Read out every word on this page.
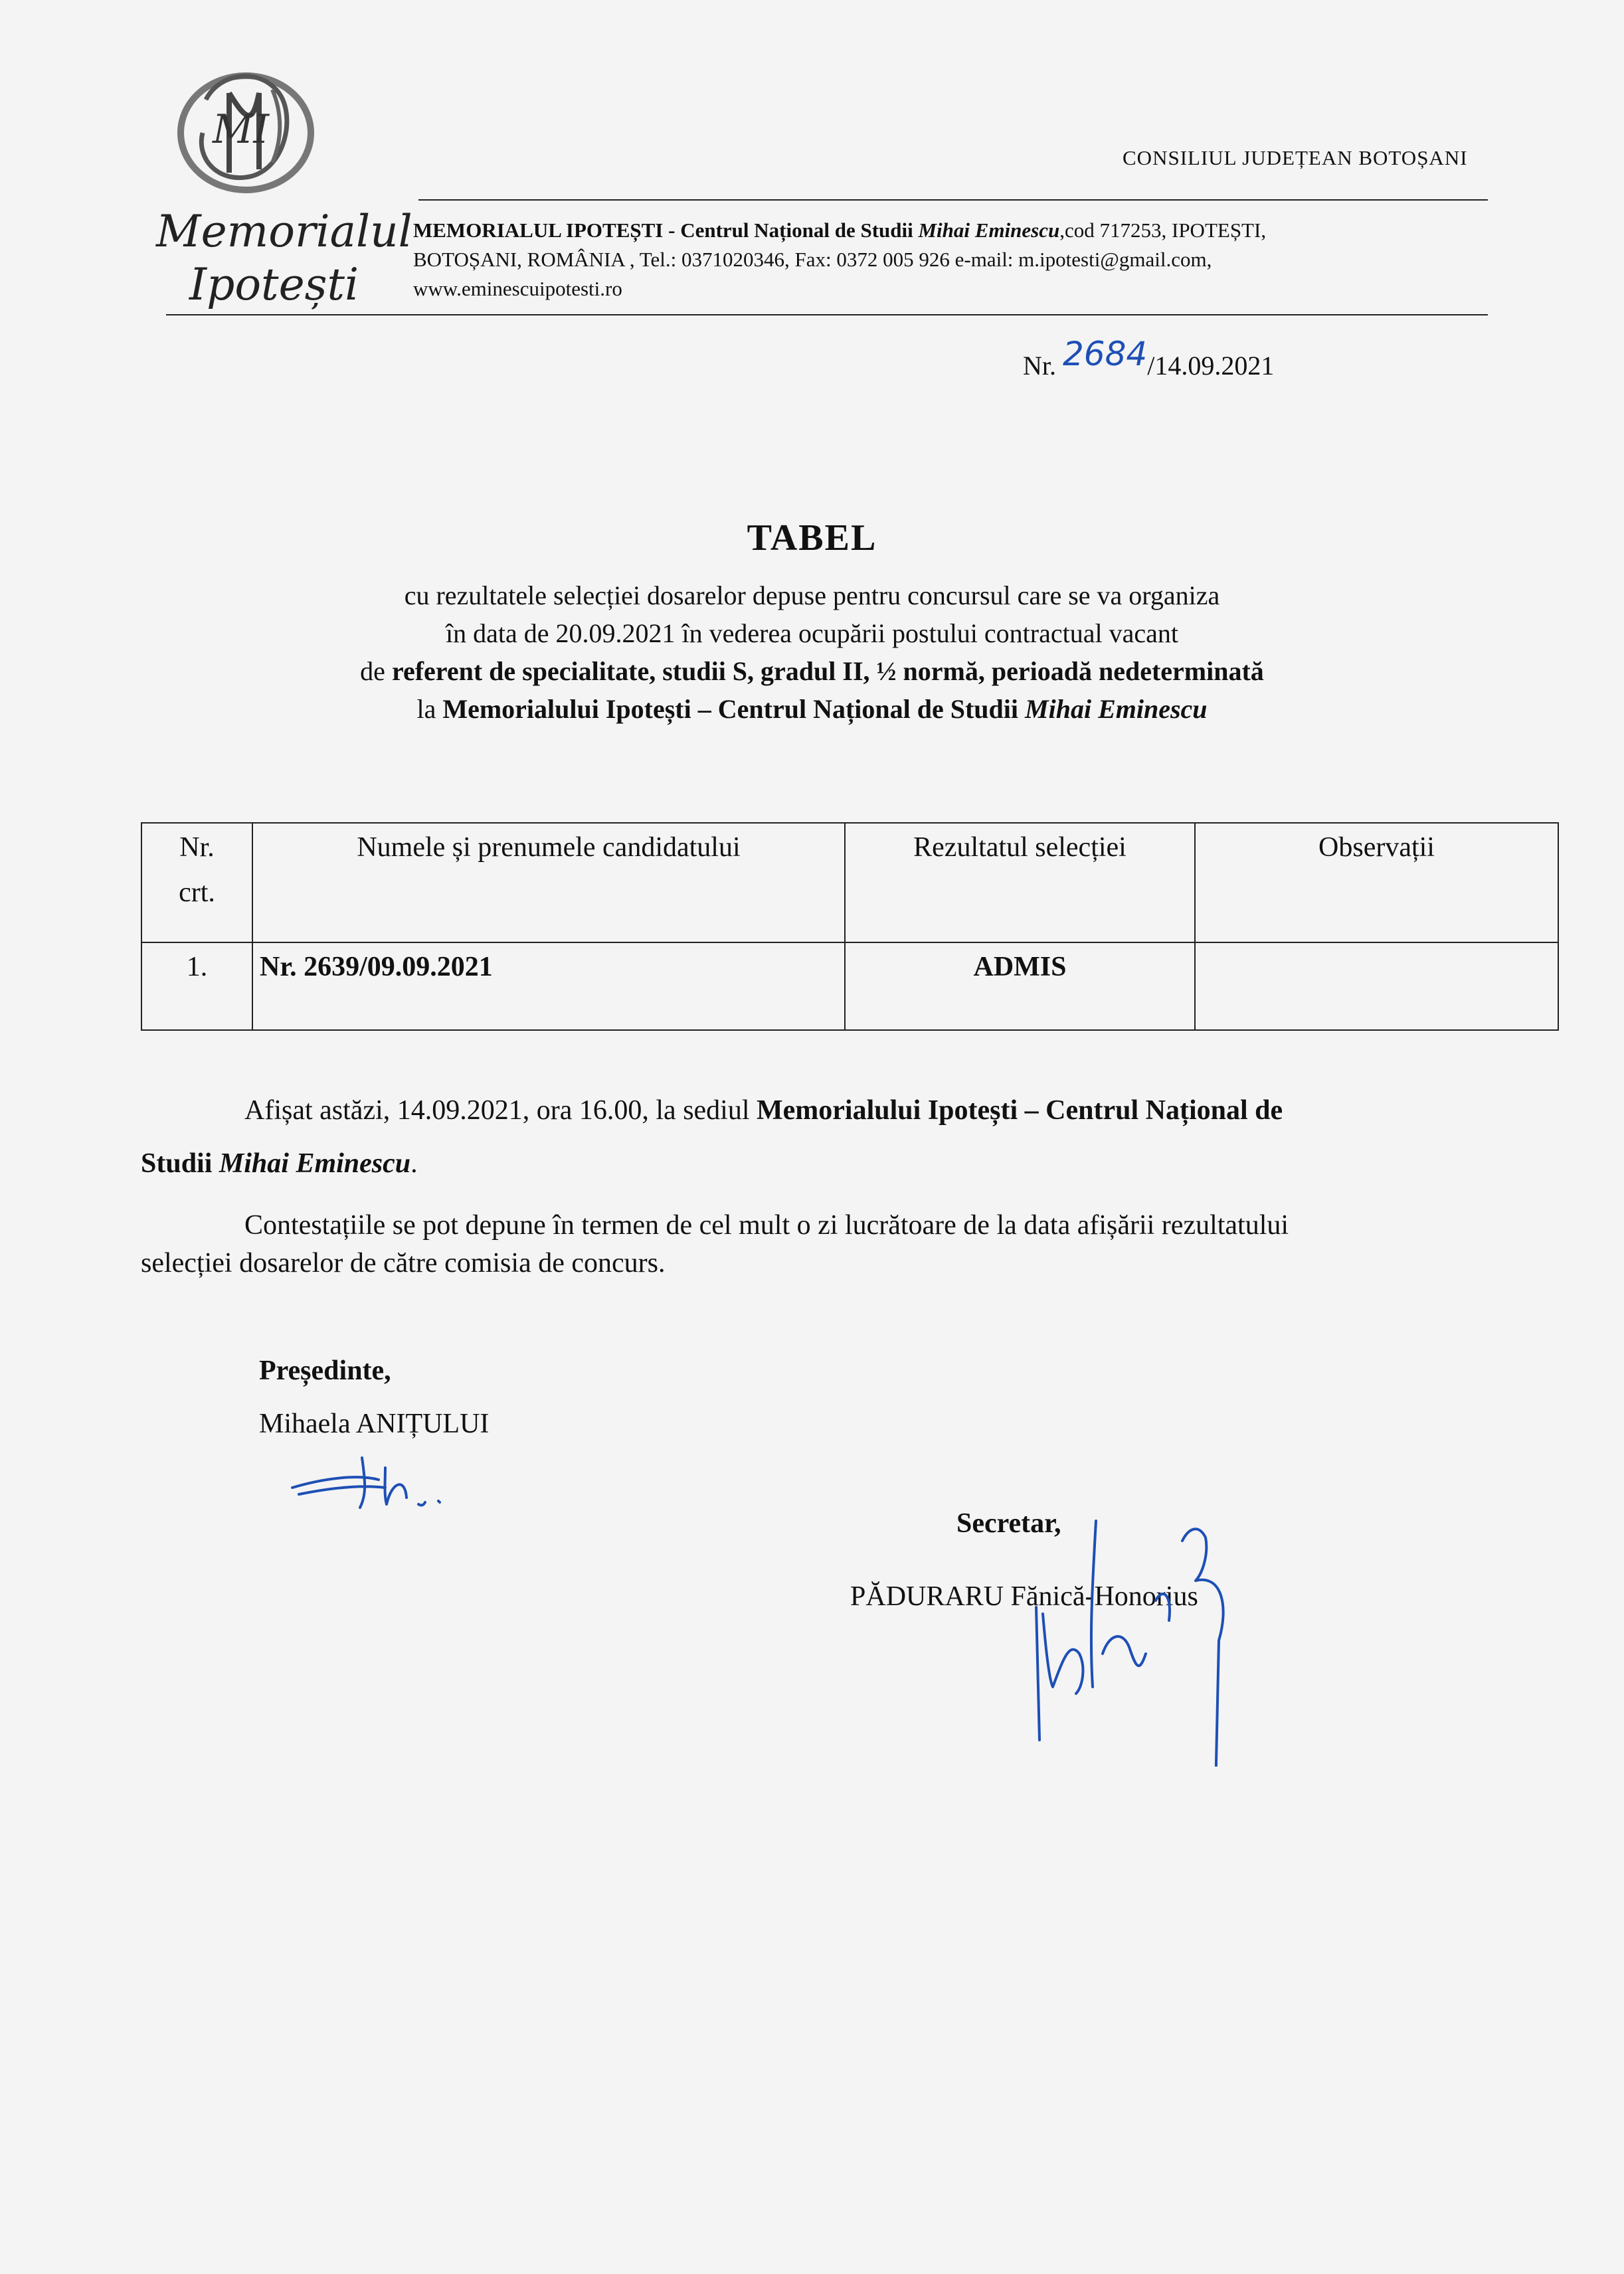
MI
Memorialul
Ipotești
CONSILIUL JUDEȚEAN BOTOȘANI
MEMORIALUL IPOTEȘTI - Centrul Național de Studii Mihai Eminescu,cod 717253, IPOTEȘTI,
BOTOȘANI, ROMÂNIA , Tel.: 0371020346, Fax: 0372 005 926 e-mail: m.ipotesti@gmail.com,
www.eminescuipotesti.ro
Nr. 2684/14.09.2021
TABEL
cu rezultatele selecției dosarelor depuse pentru concursul care se va organiza
în data de 20.09.2021 în vederea ocupării postului contractual vacant
de referent de specialitate, studii S, gradul II, ½ normă, perioadă nedeterminată
la Memorialului Ipotești – Centrul Național de Studii Mihai Eminescu
Nr.
crt.	Numele și prenumele candidatului	Rezultatul selecției	Observații

1.	Nr. 2639/09.09.2021	ADMIS	

Afișat astăzi, 14.09.2021, ora 16.00, la sediul Memorialului Ipotești – Centrul Național de
Studii Mihai Eminescu.
Contestațiile se pot depune în termen de cel mult o zi lucrătoare de la data afișării rezultatului
selecției dosarelor de către comisia de concurs.
Președinte,
Mihaela ANIȚULUI
Secretar,
PĂDURARU Fănică-Honorius
